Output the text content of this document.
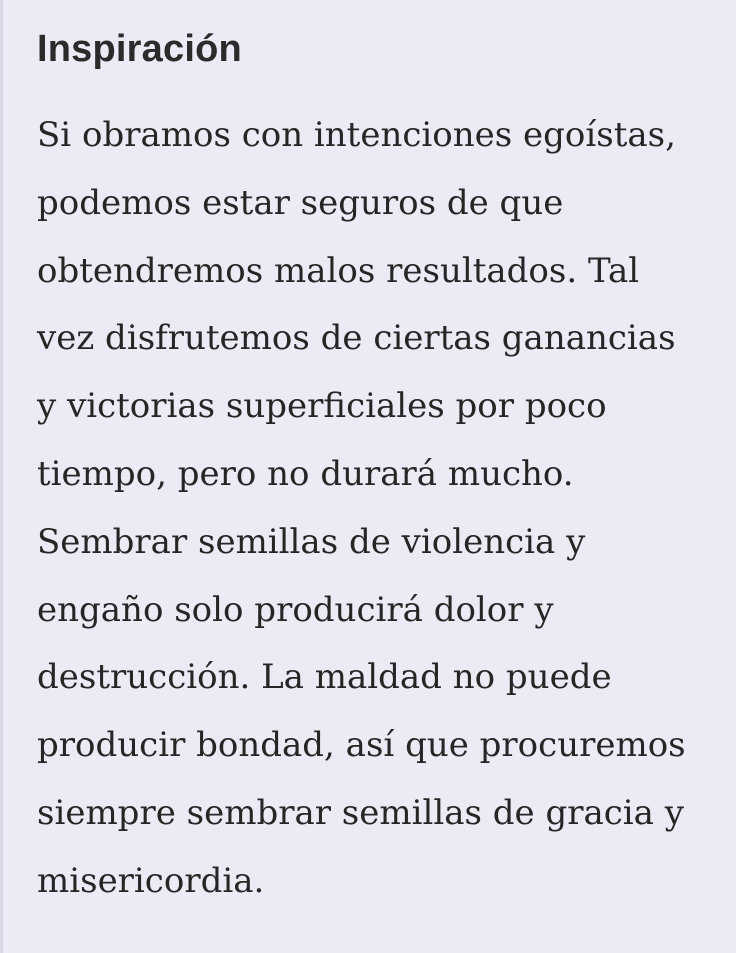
Inspiración
Si obramos con intenciones egoístas,
podemos estar seguros de que
obtendremos malos resultados. Tal
vez disfrutemos de ciertas ganancias
y victorias superficiales por poco
tiempo, pero no durará mucho.
Sembrar semillas de violencia y
engaño solo producirá dolor y
destrucción. La maldad no puede
producir bondad, así que procuremos
siempre sembrar semillas de gracia y
misericordia.
